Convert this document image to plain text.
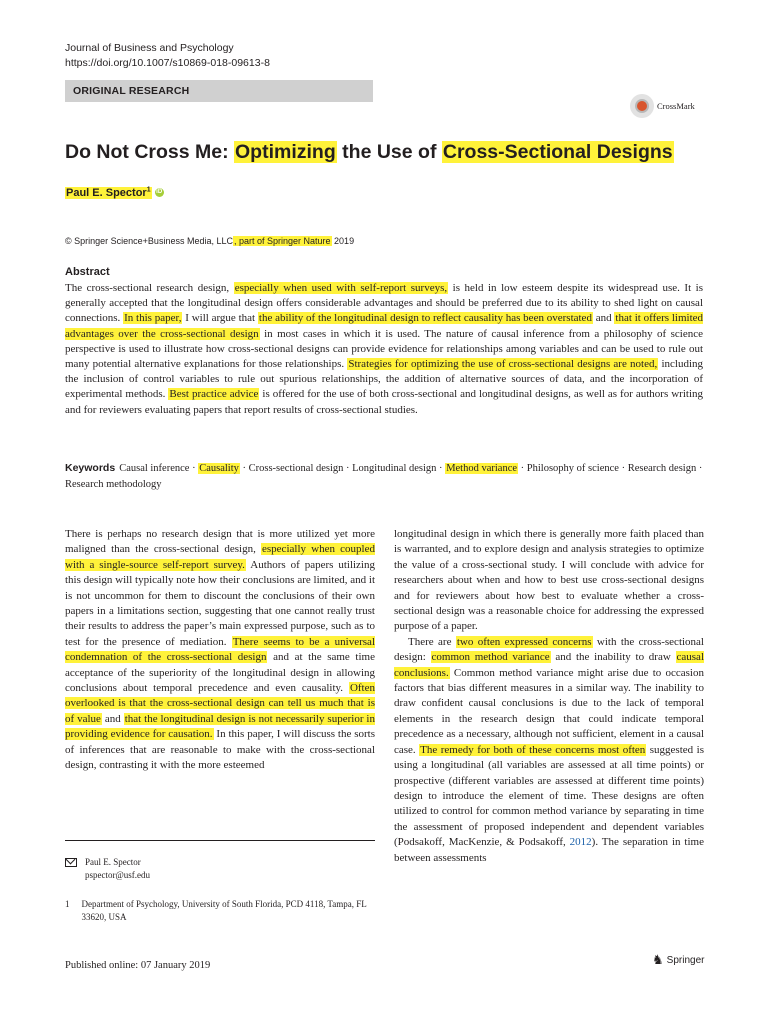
Journal of Business and Psychology
https://doi.org/10.1007/s10869-018-09613-8
ORIGINAL RESEARCH
CrossMark
Do Not Cross Me: Optimizing the Use of Cross-Sectional Designs
Paul E. Spector$^1$ iD
© Springer Science+Business Media, LLC, part of Springer Nature 2019
Abstract
The cross-sectional research design, especially when used with self-report surveys, is held in low esteem despite its widespread use. It is generally accepted that the longitudinal design offers considerable advantages and should be preferred due to its ability to shed light on causal connections. In this paper, I will argue that the ability of the longitudinal design to reflect causality has been overstated and that it offers limited advantages over the cross-sectional design in most cases in which it is used. The nature of causal inference from a philosophy of science perspective is used to illustrate how cross-sectional designs can provide evidence for relationships among variables and can be used to rule out many potential alternative explanations for those relationships. Strategies for optimizing the use of cross-sectional designs are noted, including the inclusion of control variables to rule out spurious relationships, the addition of alternative sources of data, and the incorporation of experimental methods. Best practice advice is offered for the use of both cross-sectional and longitudinal designs, as well as for authors writing and for reviewers evaluating papers that report results of cross-sectional studies.
Keywords Causal inference · Causality · Cross-sectional design · Longitudinal design · Method variance · Philosophy of science · Research design · Research methodology

There is perhaps no research design that is more utilized yet more maligned than the cross-sectional design, especially when coupled with a single-source self-report survey. Authors of papers utilizing this design will typically note how their conclusions are limited, and it is not uncommon for them to discount the conclusions of their own papers in a limitations section, suggesting that one cannot really trust their results to address the paper’s main expressed purpose, such as to test for the presence of mediation. There seems to be a universal condemnation of the cross-sectional design and at the same time acceptance of the superiority of the longitudinal design in allowing conclusions about temporal precedence and even causality. Often overlooked is that the cross-sectional design can tell us much that is of value and that the longitudinal design is not necessarily superior in providing evidence for causation. In this paper, I will discuss the sorts of inferences that are reasonable to make with the cross-sectional design, contrasting it with the more esteemed

longitudinal design in which there is generally more faith placed than is warranted, and to explore design and analysis strategies to optimize the value of a cross-sectional study. I will conclude with advice for researchers about when and how to best use cross-sectional designs and for reviewers about how best to evaluate whether a cross-sectional design was a reasonable choice for addressing the expressed purpose of a paper.

There are two often expressed concerns with the cross-sectional design: common method variance and the inability to draw causal conclusions. Common method variance might arise due to occasion factors that bias different measures in a similar way. The inability to draw confident causal conclusions is due to the lack of temporal elements in the research design that could indicate temporal precedence as a necessary, although not sufficient, element in a causal case. The remedy for both of these concerns most often suggested is using a longitudinal (all variables are assessed at all time points) or prospective (different variables are assessed at different time points) design to introduce the element of time. These designs are often utilized to control for common method variance by separating in time the assessment of proposed independent and dependent variables (Podsakoff, MacKenzie, & Podsakoff, 2012). The separation in time between assessments

Paul E. Spector
pspector@usf.edu
1 Department of Psychology, University of South Florida, PCD 4118, Tampa, FL 33620, USA
Published online: 07 January 2019	♞ Springer
